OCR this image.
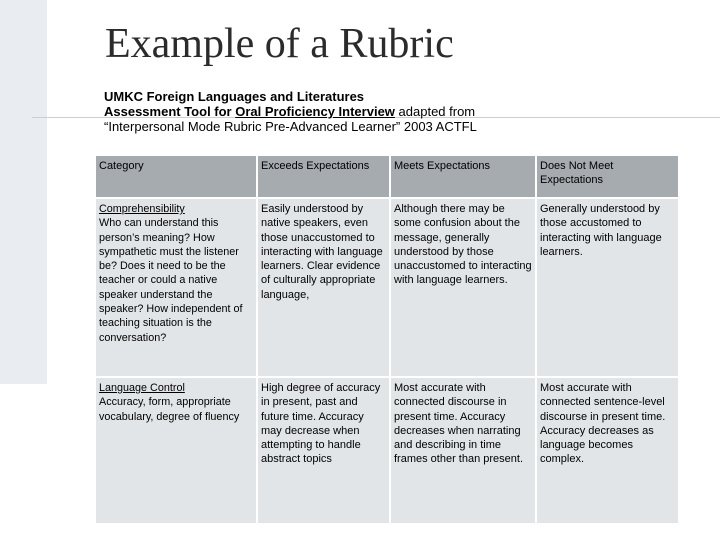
Example of a Rubric
UMKC Foreign Languages and Literatures
Assessment Tool for Oral Proficiency Interview adapted from
“Interpersonal Mode Rubric Pre-Advanced Learner” 2003 ACTFL
Category	Exceeds Expectations	Meets Expectations	Does Not Meet Expectations

Comprehensibility
Who can understand this person’s meaning? How sympathetic must the listener be? Does it need to be the teacher or could a native speaker understand the speaker? How independent of teaching situation is the conversation?	Easily understood by native speakers, even those unaccustomed to interacting with language learners. Clear evidence of culturally appropriate language,	Although there may be some confusion about the message, generally understood by those unaccustomed to interacting with language learners.	Generally understood by those accustomed to interacting with language learners.

Language Control
Accuracy, form, appropriate vocabulary, degree of fluency	High degree of accuracy in present, past and future time. Accuracy may decrease when attempting to handle abstract topics	Most accurate with connected discourse in present time. Accuracy decreases when narrating and describing in time frames other than present.	Most accurate with connected sentence-level discourse in present time. Accuracy decreases as language becomes complex.
